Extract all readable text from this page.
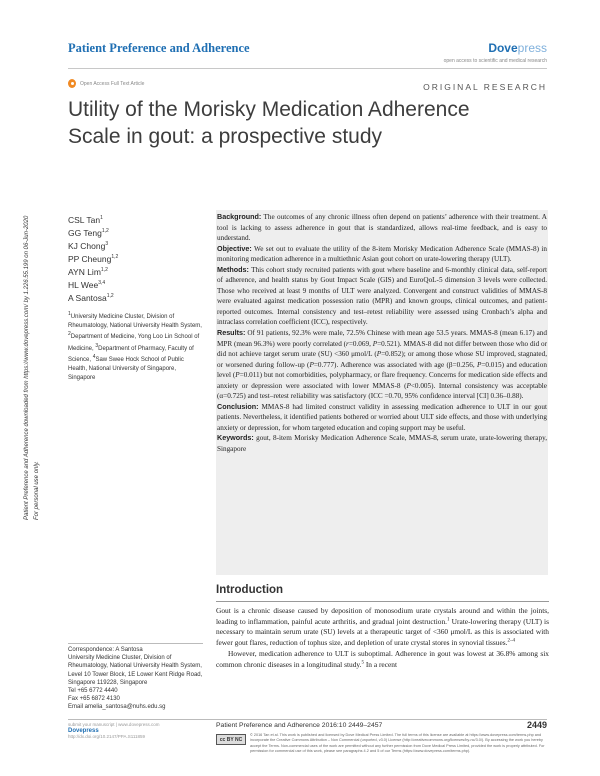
Patient Preference and Adherence	Dovepress
open access to scientific and medical research
Open Access Full Text Article	ORIGINAL RESEARCH
Utility of the Morisky Medication Adherence Scale in gout: a prospective study
Patient Preference and Adherence downloaded from https://www.dovepress.com/ by 1.226.55.199 on 06-Jun-2020 For personal use only.
CSL Tan$^1$
GG Teng$^{1,2}$
KJ Chong$^3$
PP Cheung$^{1,2}$
AYN Lim$^{1,2}$
HL Wee$^{3,4}$
A Santosa$^{1,2}$
$^1$University Medicine Cluster, Division of Rheumatology, National University Health System, $^2$Department of Medicine, Yong Loo Lin School of Medicine, $^3$Department of Pharmacy, Faculty of Science, $^4$Saw Swee Hock School of Public Health, National University of Singapore, Singapore

Background: The outcomes of any chronic illness often depend on patients’ adherence with their treatment. A tool is lacking to assess adherence in gout that is standardized, allows real-time feedback, and is easy to understand.

Objective: We set out to evaluate the utility of the 8-item Morisky Medication Adherence Scale (MMAS-8) in monitoring medication adherence in a multiethnic Asian gout cohort on urate-lowering therapy (ULT).

Methods: This cohort study recruited patients with gout where baseline and 6-monthly clinical data, self-report of adherence, and health status by Gout Impact Scale (GIS) and EuroQoL-5 dimension 3 levels were collected. Those who received at least 9 months of ULT were analyzed. Convergent and construct validities of MMAS-8 were evaluated against medication possession ratio (MPR) and known groups, clinical outcomes, and patient-reported outcomes. Internal consistency and test–retest reliability were assessed using Cronbach’s alpha and intraclass correlation coefficient (ICC), respectively.

Results: Of 91 patients, 92.3% were male, 72.5% Chinese with mean age 53.5 years. MMAS-8 (mean 6.17) and MPR (mean 96.3%) were poorly correlated (r=0.069, P=0.521). MMAS-8 did not differ between those who did or did not achieve target serum urate (SU) <360 μmol/L (P=0.852); or among those whose SU improved, stagnated, or worsened during follow-up (P=0.777). Adherence was associated with age (β=0.256, P=0.015) and education level (P=0.011) but not comorbidities, polypharmacy, or flare frequency. Concerns for medication side effects and anxiety or depression were associated with lower MMAS-8 (P<0.005). Internal consistency was acceptable (α=0.725) and test–retest reliability was satisfactory (ICC =0.70, 95% confidence interval [CI] 0.36–0.88).

Conclusion: MMAS-8 had limited construct validity in assessing medication adherence to ULT in our gout patients. Nevertheless, it identified patients bothered or worried about ULT side effects, and those with underlying anxiety or depression, for whom targeted education and coping support may be useful.

Keywords: gout, 8-item Morisky Medication Adherence Scale, MMAS-8, serum urate, urate-lowering therapy, Singapore

Introduction

Gout is a chronic disease caused by deposition of monosodium urate crystals around and within the joints, leading to inflammation, painful acute arthritis, and gradual joint destruction.$^1$ Urate-lowering therapy (ULT) is necessary to maintain serum urate (SU) levels at a therapeutic target of <360 μmol/L as this is associated with fewer gout flares, reduction of tophus size, and depletion of urate crystal stores in synovial tissues.$^{2-4}$

However, medication adherence to ULT is suboptimal. Adherence in gout was lowest at 36.8% among six common chronic diseases in a longitudinal study.$^5$ In a recent

Correspondence: A Santosa
University Medicine Cluster, Division of Rheumatology, National University Health System, Level 10 Tower Block, 1E Lower Kent Ridge Road, Singapore 119228, Singapore
Tel +65 6772 4440
Fax +65 6872 4130
Email amelia_santosa@nuhs.edu.sg
submit your manuscript | www.dovepress.com
Dovepress
http://dx.doi.org/10.2147/PPA.S111859
Patient Preference and Adherence 2016:10 2449–2457	2449
cc BY NC
© 2016 Tan et al. This work is published and licensed by Dove Medical Press Limited. The full terms of this license are available at https://www.dovepress.com/terms.php and incorporate the Creative Commons Attribution – Non Commercial (unported, v3.0) License (http://creativecommons.org/licenses/by-nc/3.0/). By accessing the work you hereby accept the Terms. Non-commercial uses of the work are permitted without any further permission from Dove Medical Press Limited, provided the work is properly attributed. For permission for commercial use of this work, please see paragraphs 4.2 and 5 of our Terms (https://www.dovepress.com/terms.php).
